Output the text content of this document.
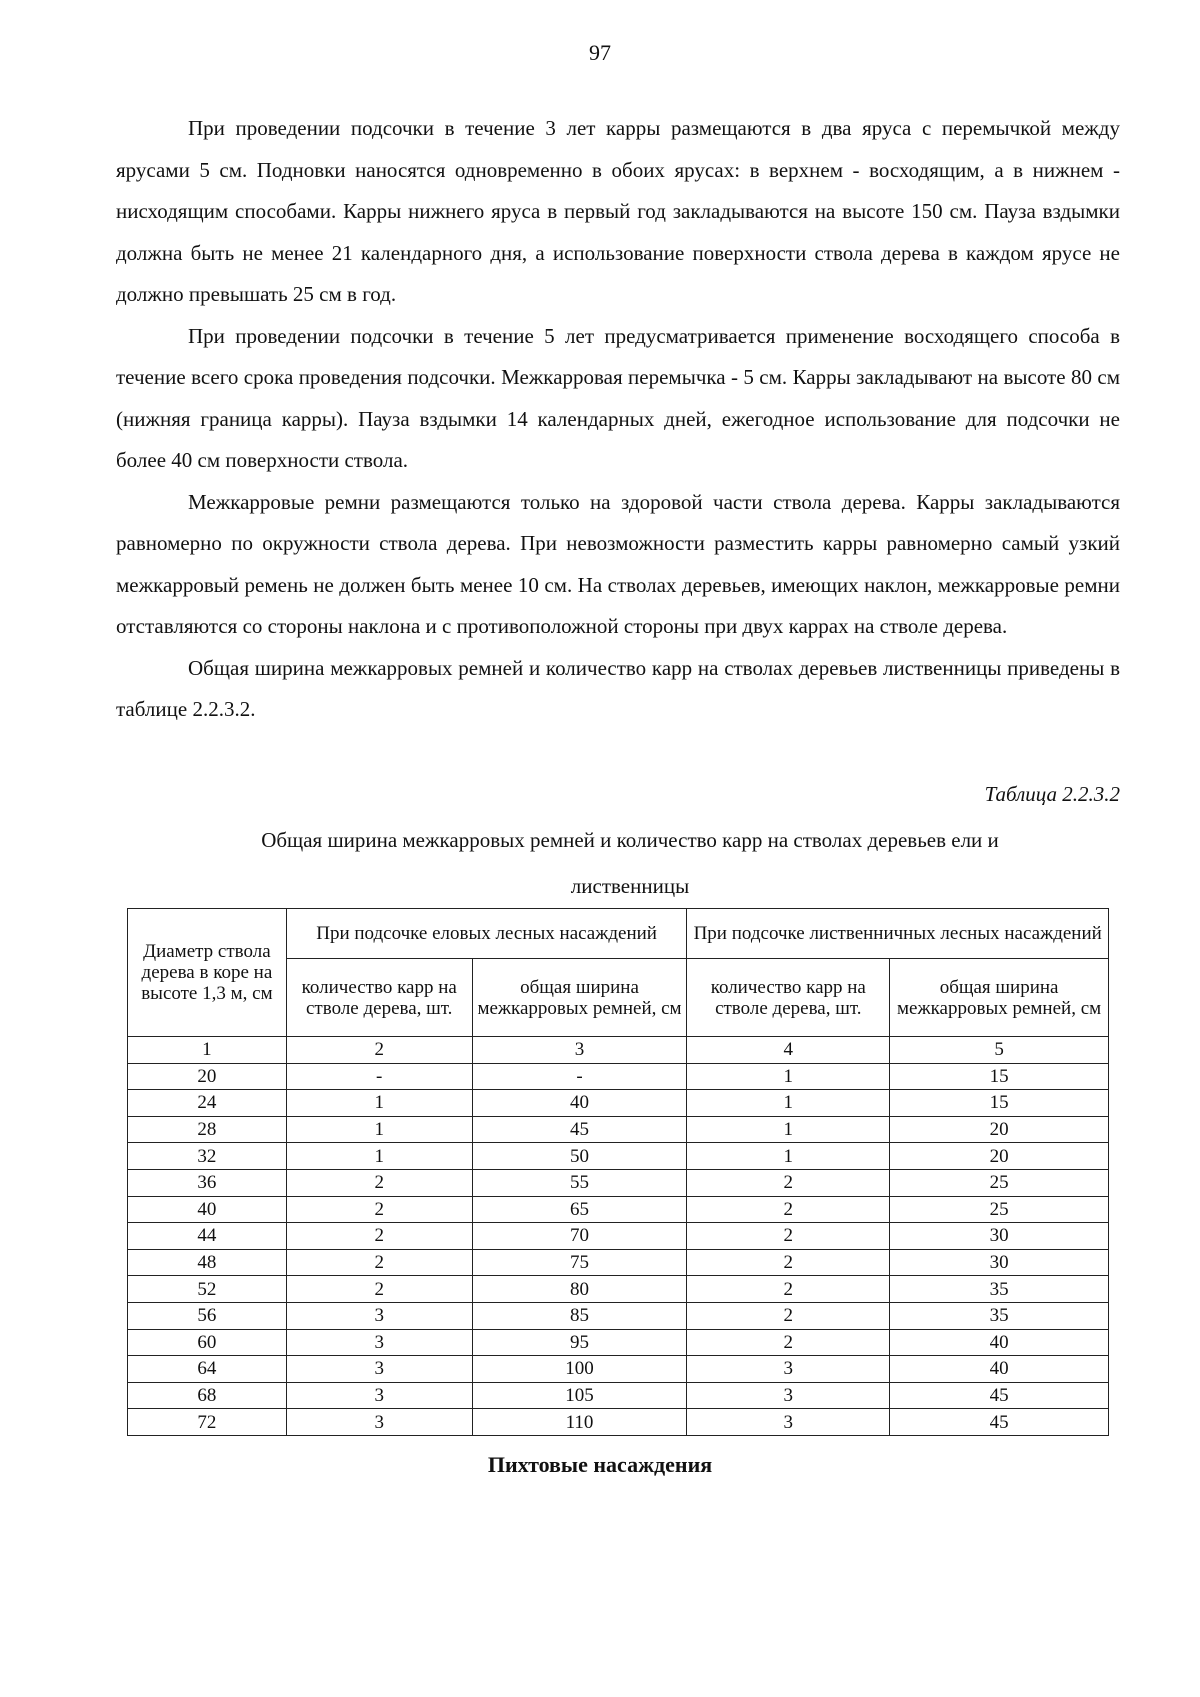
97

При проведении подсочки в течение 3 лет карры размещаются в два яруса с перемычкой между ярусами 5 см. Подновки наносятся одновременно в обоих ярусах: в верхнем - восходящим, а в нижнем - нисходящим способами. Карры нижнего яруса в первый год закладываются на высоте 150 см. Пауза вздымки должна быть не менее 21 календарного дня, а использование поверхности ствола дерева в каждом ярусе не должно превышать 25 см в год.

При проведении подсочки в течение 5 лет предусматривается применение восходящего способа в течение всего срока проведения подсочки. Межкарровая перемычка - 5 см. Карры закладывают на высоте 80 см (нижняя граница карры). Пауза вздымки 14 календарных дней, ежегодное использование для подсочки не более 40 см поверхности ствола.

Межкарровые ремни размещаются только на здоровой части ствола дерева. Карры закладываются равномерно по окружности ствола дерева. При невозможности разместить карры равномерно самый узкий межкарровый ремень не должен быть менее 10 см. На стволах деревьев, имеющих наклон, межкарровые ремни отставляются со стороны наклона и с противоположной стороны при двух каррах на стволе дерева.

Общая ширина межкарровых ремней и количество карр на стволах деревьев лиственницы приведены в таблице 2.2.3.2.

Таблица 2.2.3.2
Общая ширина межкарровых ремней и количество карр на стволах деревьев ели и
лиственницы
Диаметр ствола дерева в коре на высоте 1,3 м, см	При подсочке еловых лесных насаждений		При подсочке лиственничных лесных насаждений	
	количество карр на стволе дерева, шт.	общая ширина межкарровых ремней, см	количество карр на стволе дерева, шт.	общая ширина межкарровых ремней, см
1	2	3	4	5
20	-	-	1	15
24	1	40	1	15
28	1	45	1	20
32	1	50	1	20
36	2	55	2	25
40	2	65	2	25
44	2	70	2	30
48	2	75	2	30
52	2	80	2	35
56	3	85	2	35
60	3	95	2	40
64	3	100	3	40
68	3	105	3	45
72	3	110	3	45
Пихтовые насаждения
